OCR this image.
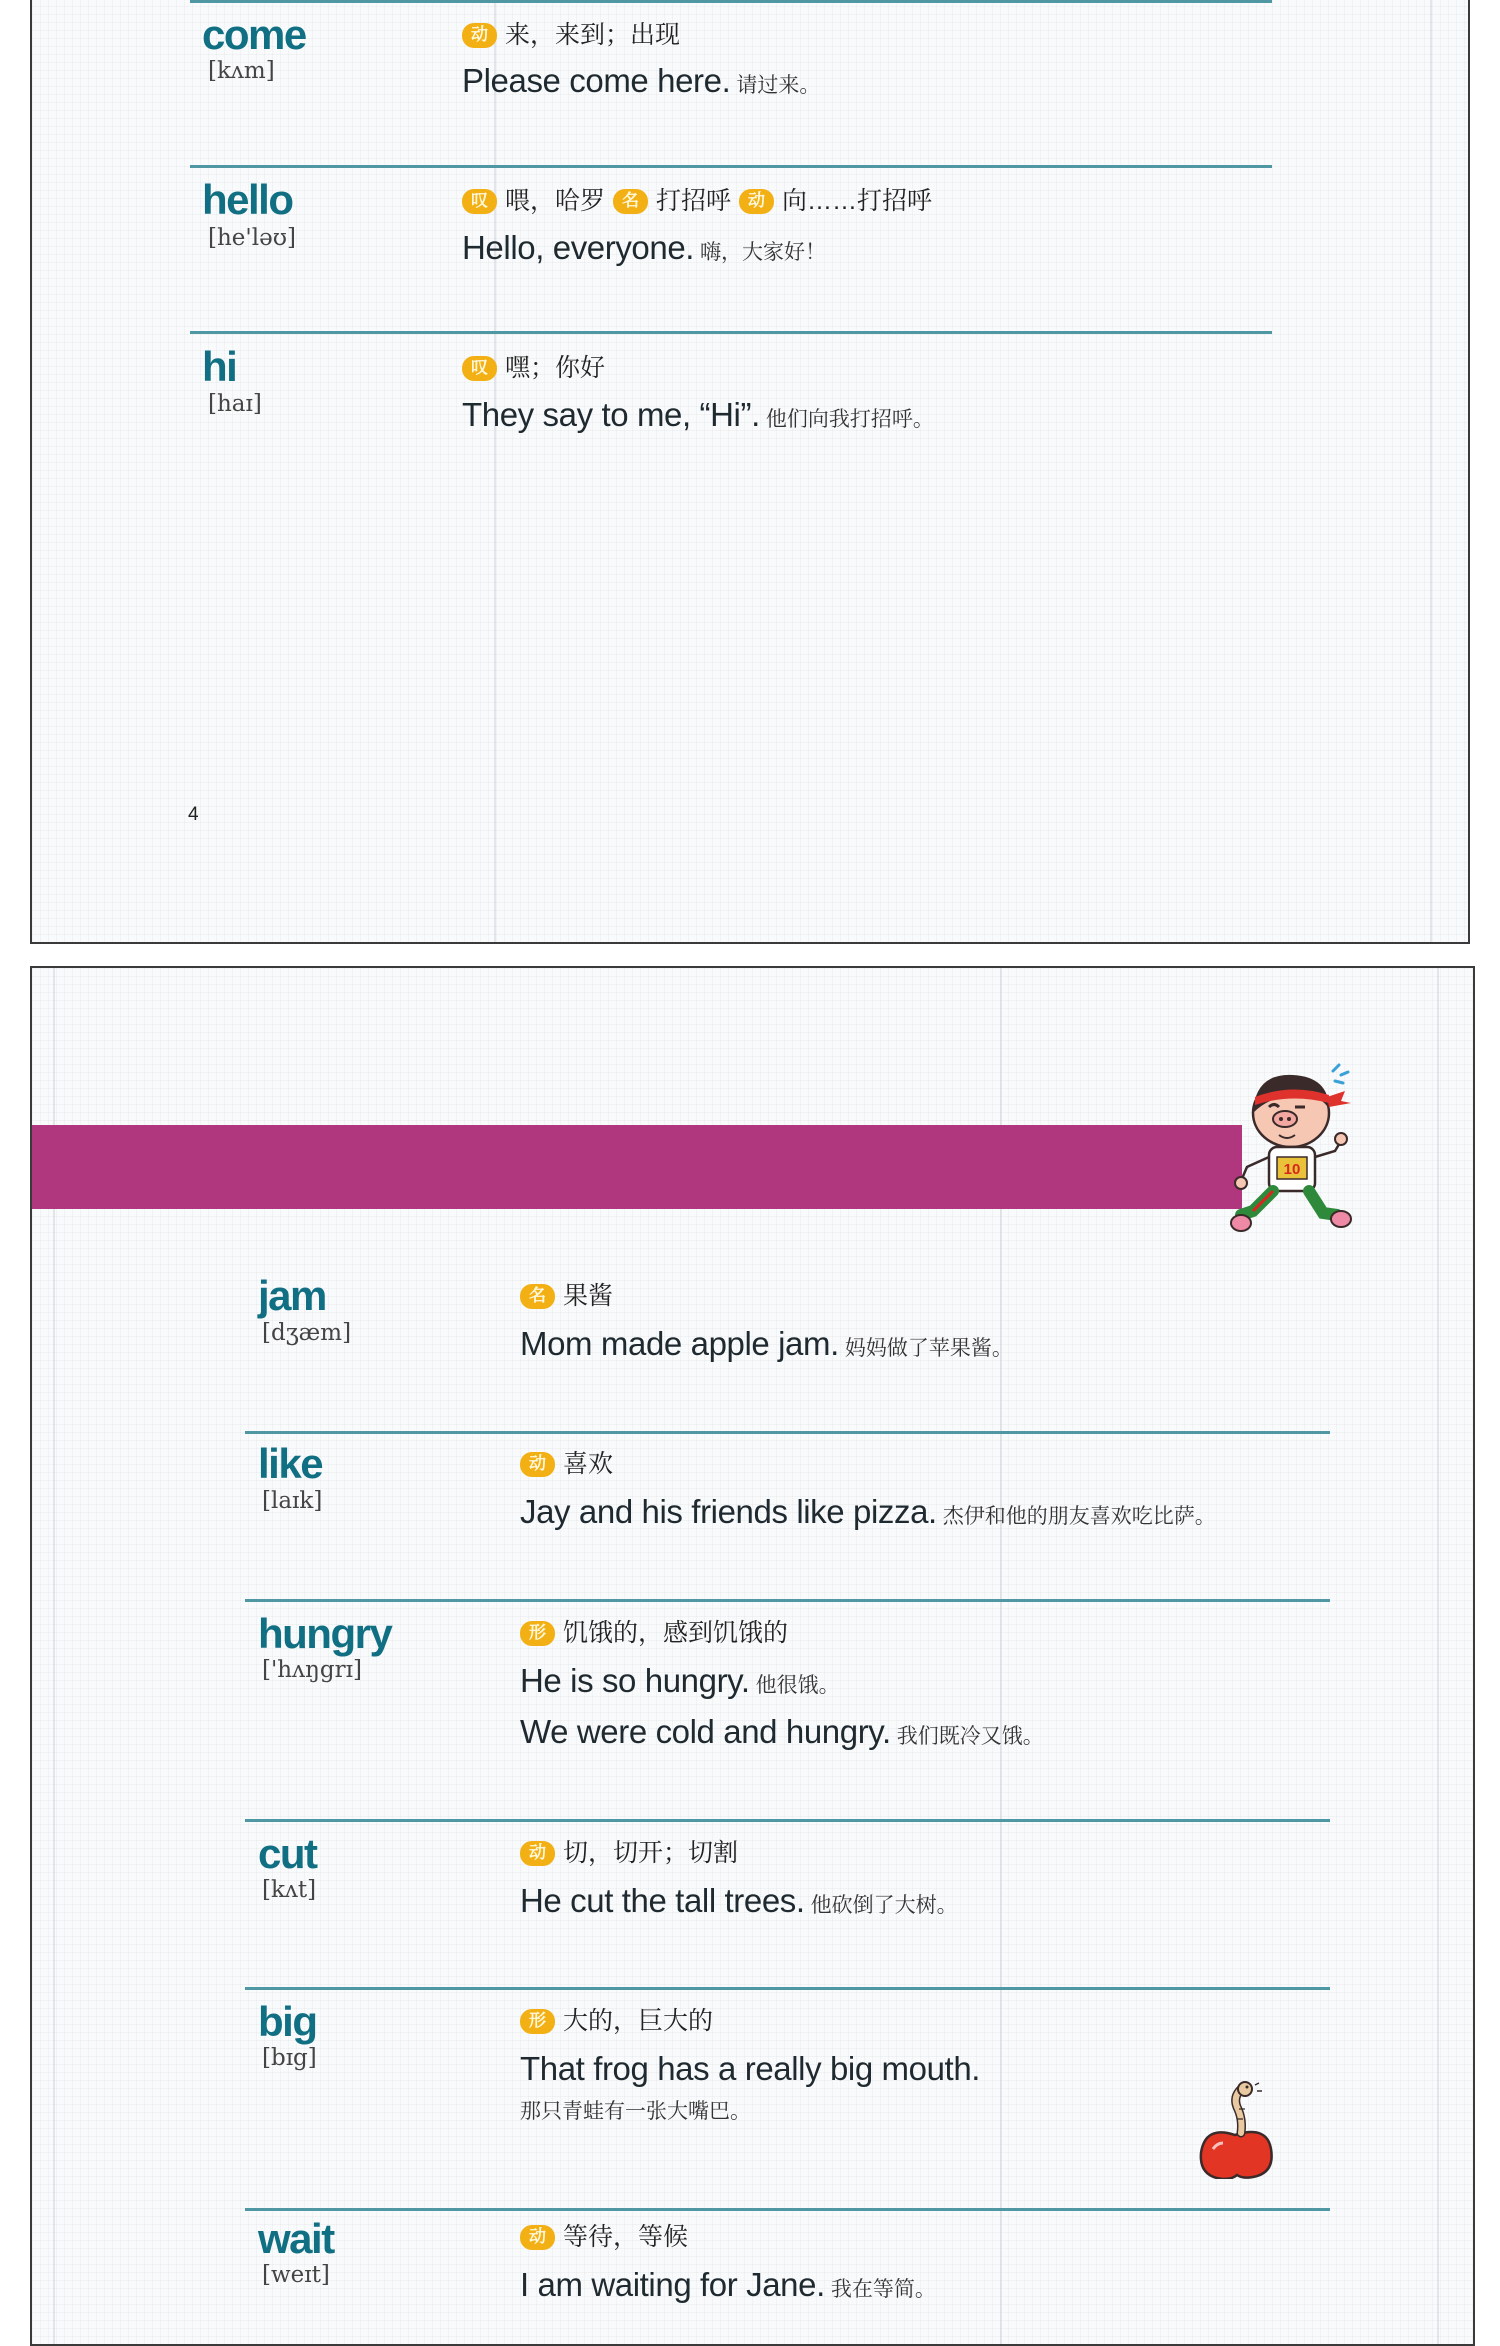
come

[kʌm]

动 来，来到；出现

Please come here. 请过来。

hello

[he'ləʊ]

叹 喂，哈罗	名 打招呼	动 向……打招呼

Hello, everyone. 嗨，大家好！

hi

[haɪ]

叹 嘿；你好

They say to me, “Hi”. 他们向我打招呼。

4

10
jam

[dʒæm]

名 果酱

Mom made apple jam. 妈妈做了苹果酱。

like

[laɪk]

动 喜欢

Jay and his friends like pizza. 杰伊和他的朋友喜欢吃比萨。

hungry

['hʌŋgrɪ]

形 饥饿的，感到饥饿的

He is so hungry. 他很饿。

We were cold and hungry. 我们既冷又饿。

cut

[kʌt]

动 切，切开；切割

He cut the tall trees. 他砍倒了大树。

big

[bɪg]

形 大的，巨大的

That frog has a really big mouth.

那只青蛙有一张大嘴巴。

wait

[weɪt]

动 等待，等候

I am waiting for Jane. 我在等简。
